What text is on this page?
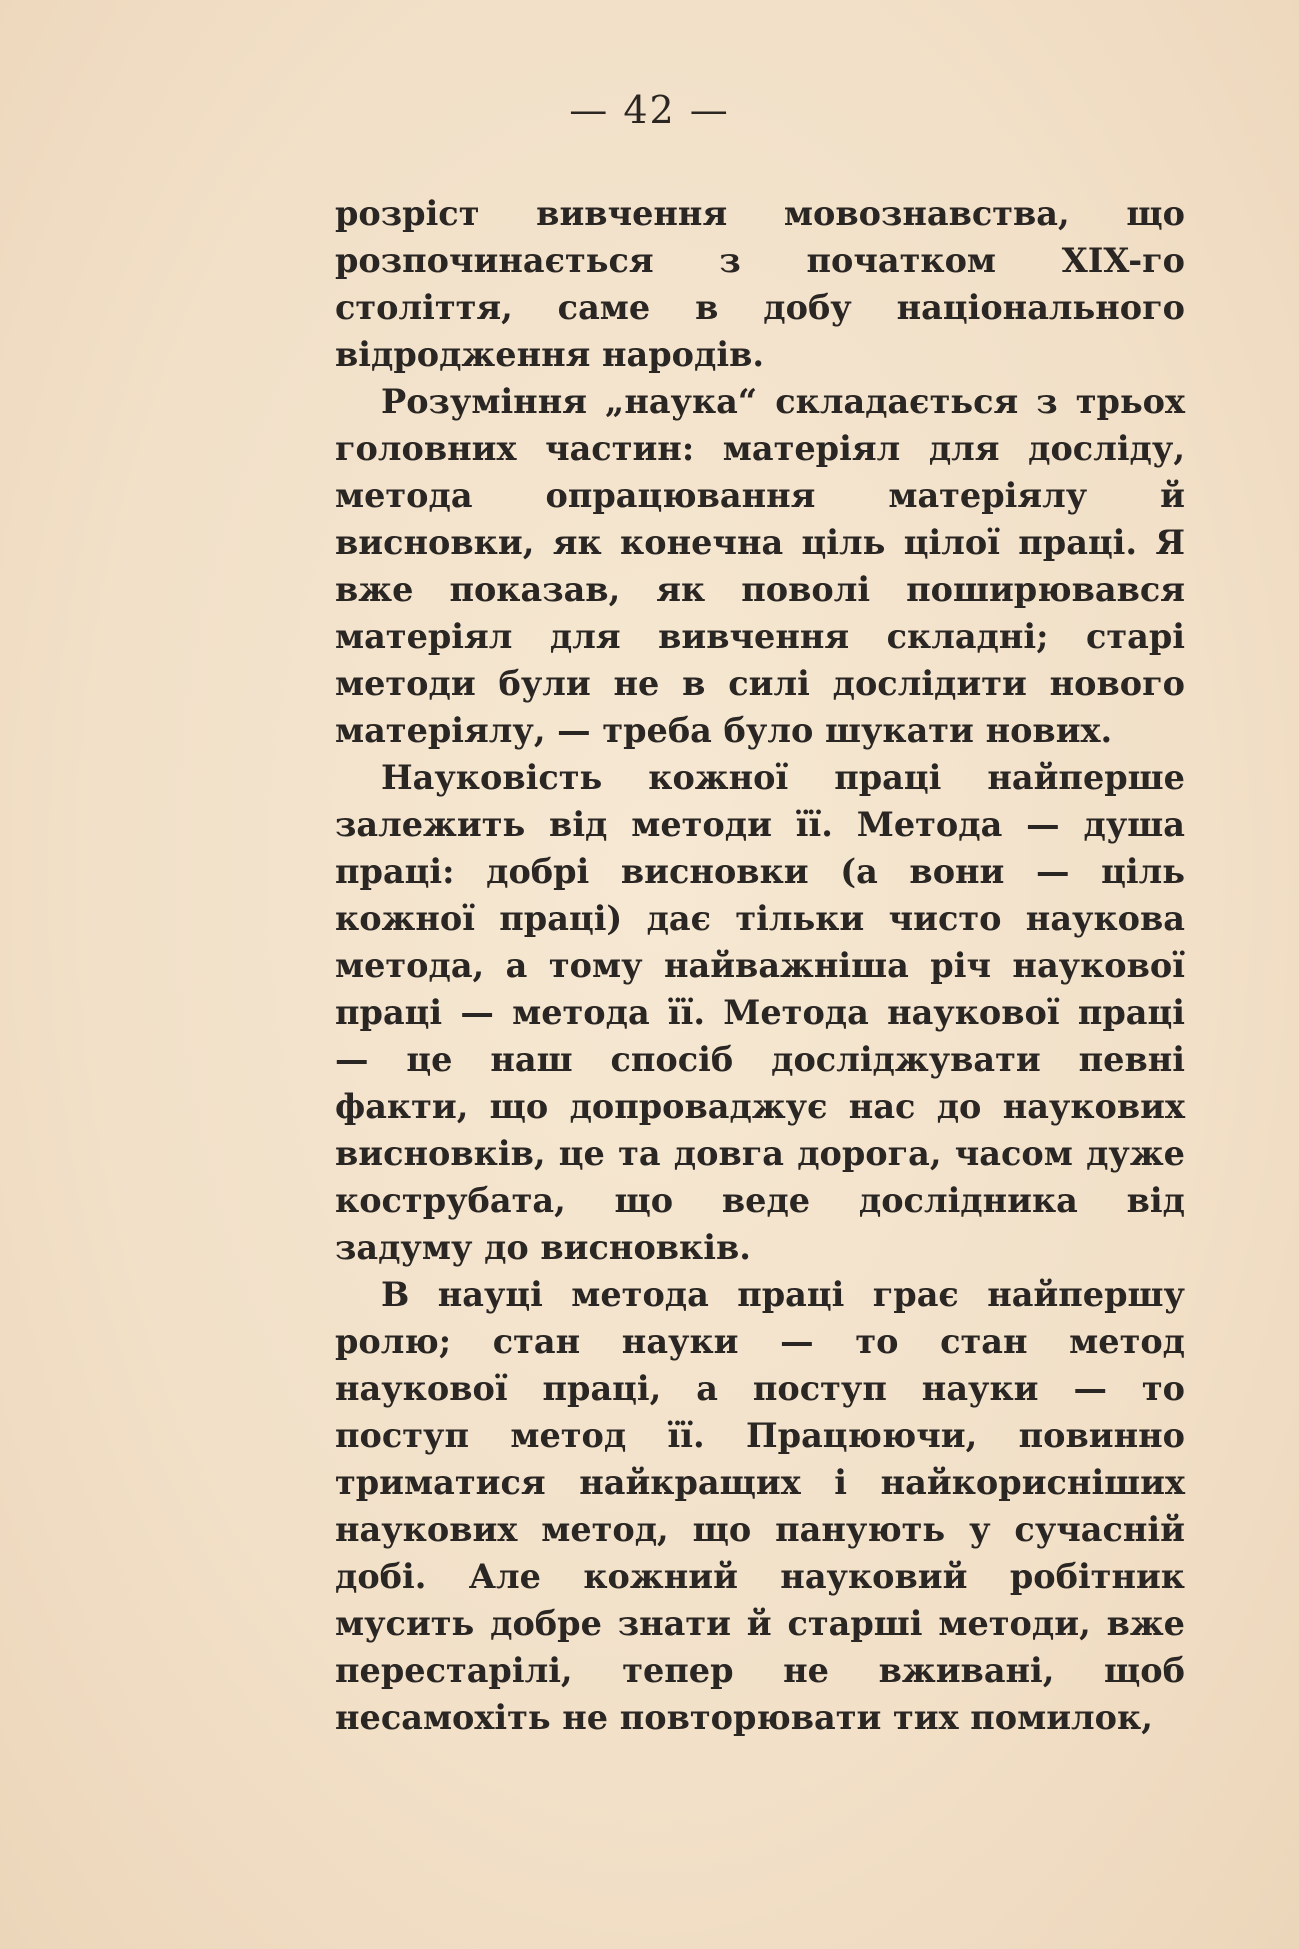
— 42 —

розріст вивчення мовознавства, що розпочинається з початком XIX-го століття, саме в добу національного відродження народів.

Розуміння „наука“ складається з трьох головних частин: матеріял для досліду, метода опрацювання матеріялу й висновки, як конечна ціль цілої праці. Я вже показав, як поволі поширювався матеріял для вивчення складні; старі методи були не в силі дослідити нового матеріялу, — треба було шукати нових.

Науковість кожної праці найперше залежить від методи її. Метода — душа праці: добрі висновки (а вони — ціль кожної праці) дає тільки чисто наукова метода, а тому найважніша річ наукової праці — метода її. Метода наукової праці — це наш спосіб досліджувати певні факти, що допроваджує нас до наукових висновків, це та довга дорога, часом дуже кострубата, що веде дослідника від задуму до висновків.

В науці метода праці грає найпершу ролю; стан науки — то стан метод наукової праці, а поступ науки — то поступ метод її. Працюючи, повинно триматися найкращих і найкорисніших наукових метод, що панують у сучасній добі. Але кожний науковий робітник мусить добре знати й старші методи, вже перестарілі, тепер не вживані, щоб несамохіть не повторювати тих помилок,
